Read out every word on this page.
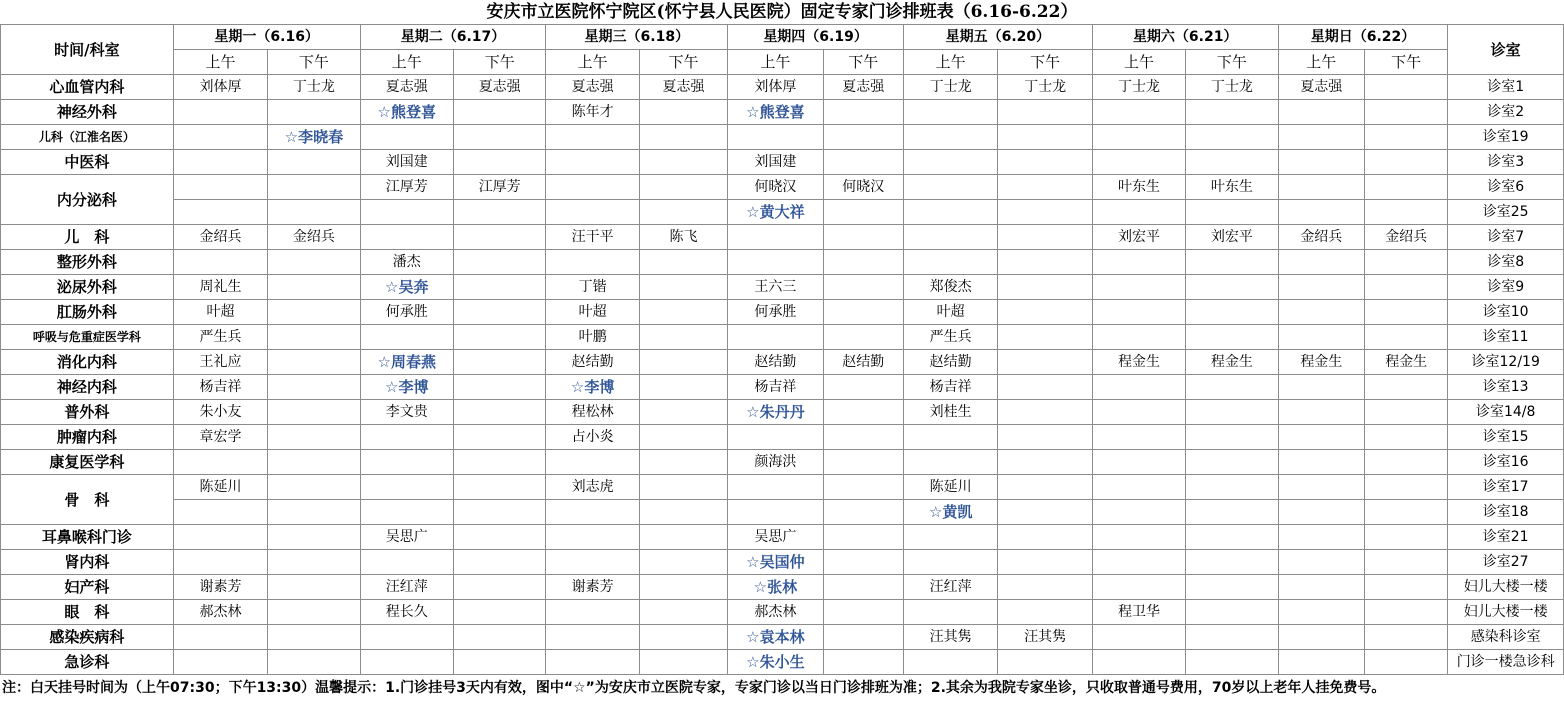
安庆市立医院怀宁院区(怀宁县人民医院）固定专家门诊排班表（6.16-6.22）
时间/科室	星期一（6.16）		星期二（6.17）		星期三（6.18）		星期四（6.19）		星期五（6.20）		星期六（6.21）		星期日（6.22）		诊室
	上午	下午	上午	下午	上午	下午	上午	下午	上午	下午	上午	下午	上午	下午	
心血管内科	刘体厚	丁士龙	夏志强	夏志强	夏志强	夏志强	刘体厚	夏志强	丁士龙	丁士龙	丁士龙	丁士龙	夏志强		诊室1
神经外科			☆熊登喜		陈年才		☆熊登喜								诊室2
儿科（江淮名医）		☆李晓春													诊室19
中医科			刘国建				刘国建								诊室3
内分泌科			江厚芳	江厚芳			何晓汉	何晓汉			叶东生	叶东生			诊室6
							☆黄大祥								诊室25
儿　科	金绍兵	金绍兵			汪干平	陈飞					刘宏平	刘宏平	金绍兵	金绍兵	诊室7
整形外科			潘杰												诊室8
泌尿外科	周礼生		☆吴奔		丁锴		王六三		郑俊杰						诊室9
肛肠外科	叶超		何承胜		叶超		何承胜		叶超						诊室10
呼吸与危重症医学科	严生兵				叶鹏				严生兵						诊室11
消化内科	王礼应		☆周春燕		赵结勤		赵结勤	赵结勤	赵结勤		程金生	程金生	程金生	程金生	诊室12/19
神经内科	杨吉祥		☆李博		☆李博		杨吉祥		杨吉祥						诊室13
普外科	朱小友		李文贵		程松林		☆朱丹丹		刘桂生						诊室14/8
肿瘤内科	章宏学				占小炎										诊室15
康复医学科							颜海洪								诊室16
骨　科	陈延川				刘志虎				陈延川						诊室17
									☆黄凯						诊室18
耳鼻喉科门诊			吴思广				吴思广								诊室21
肾内科							☆吴国仲								诊室27
妇产科	谢素芳		汪红萍		谢素芳		☆张林		汪红萍						妇儿大楼一楼
眼　科	郝杰林		程长久				郝杰林				程卫华				妇儿大楼一楼
感染疾病科							☆袁本林		汪其隽	汪其隽					感染科诊室
急诊科							☆朱小生								门诊一楼急诊科
注：白天挂号时间为（上午07:30；下午13:30）温馨提示：1.门诊挂号3天内有效，图中“☆”为安庆市立医院专家，专家门诊以当日门诊排班为准；2.其余为我院专家坐诊，只收取普通号费用，70岁以上老年人挂免费号。
